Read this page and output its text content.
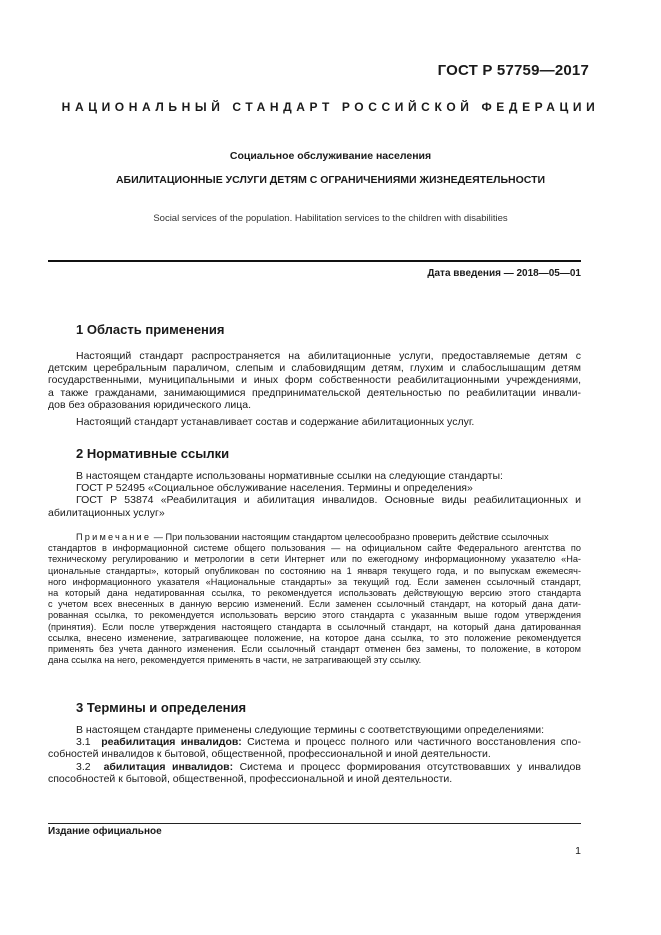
ГОСТ Р 57759—2017
НАЦИОНАЛЬНЫЙ СТАНДАРТ РОССИЙСКОЙ ФЕДЕРАЦИИ
Социальное обслуживание населения
АБИЛИТАЦИОННЫЕ УСЛУГИ ДЕТЯМ С ОГРАНИЧЕНИЯМИ ЖИЗНЕДЕЯТЕЛЬНОСТИ
Social services of the population. Habilitation services to the children with disabilities
Дата введения — 2018—05—01
1 Область применения
Настоящий стандарт распространяется на абилитационные услуги, предоставляемые детям с
детским церебральным параличом, слепым и слабовидящим детям, глухим и слабослышащим детям
государственными, муниципальными и иных форм собственности реабилитационными учреждениями,
а также гражданами, занимающимися предпринимательской деятельностью по реабилитации инвали-
дов без образования юридического лица.
Настоящий стандарт устанавливает состав и содержание абилитационных услуг.
2 Нормативные ссылки
В настоящем стандарте использованы нормативные ссылки на следующие стандарты:
ГОСТ Р 52495 «Социальное обслуживание населения. Термины и определения»
ГОСТ Р 53874 «Реабилитация и абилитация инвалидов. Основные виды реабилитационных и
абилитационных услуг»
Примечание — При пользовании настоящим стандартом целесообразно проверить действие ссылочных
стандартов в информационной системе общего пользования — на официальном сайте Федерального агентства по
техническому регулированию и метрологии в сети Интернет или по ежегодному информационному указателю «На-
циональные стандарты», который опубликован по состоянию на 1 января текущего года, и по выпускам ежемесяч-
ного информационного указателя «Национальные стандарты» за текущий год. Если заменен ссылочный стандарт,
на который дана недатированная ссылка, то рекомендуется использовать действующую версию этого стандарта
с учетом всех внесенных в данную версию изменений. Если заменен ссылочный стандарт, на который дана дати-
рованная ссылка, то рекомендуется использовать версию этого стандарта с указанным выше годом утверждения
(принятия). Если после утверждения настоящего стандарта в ссылочный стандарт, на который дана датированная
ссылка, внесено изменение, затрагивающее положение, на которое дана ссылка, то это положение рекомендуется
применять без учета данного изменения. Если ссылочный стандарт отменен без замены, то положение, в котором
дана ссылка на него, рекомендуется применять в части, не затрагивающей эту ссылку.
3 Термины и определения
В настоящем стандарте применены следующие термины с соответствующими определениями:
3.1 реабилитация инвалидов: Система и процесс полного или частичного восстановления спо-
собностей инвалидов к бытовой, общественной, профессиональной и иной деятельности.
3.2 абилитация инвалидов: Система и процесс формирования отсутствовавших у инвалидов
способностей к бытовой, общественной, профессиональной и иной деятельности.
Издание официальное
1
